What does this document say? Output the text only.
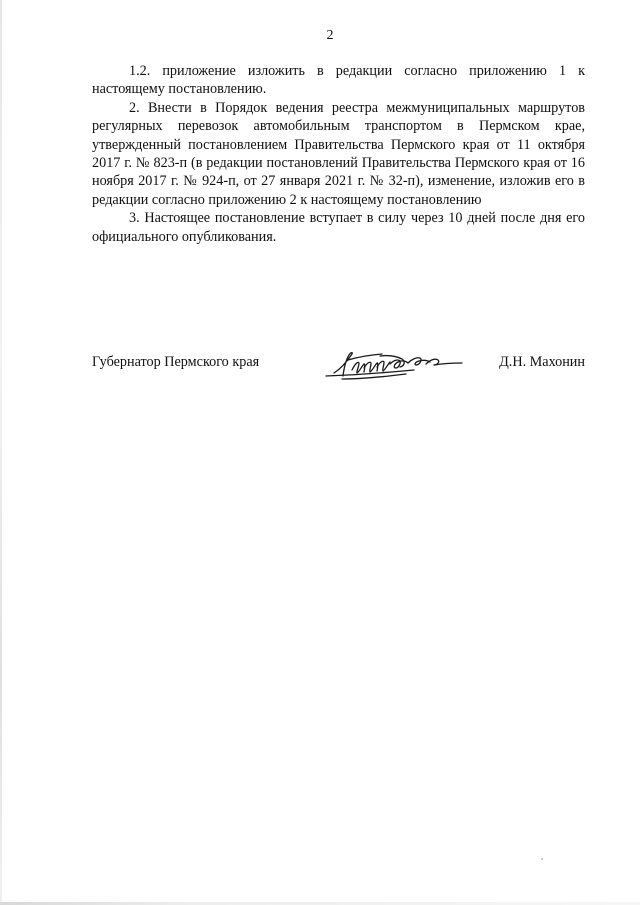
2

1.2. приложение изложить в редакции согласно приложению 1 к настоящему постановлению.

2. Внести в Порядок ведения реестра межмуниципальных маршрутов регулярных перевозок автомобильным транспортом в Пермском крае, утвержденный постановлением Правительства Пермского края от 11 октября 2017 г. № 823-п (в редакции постановлений Правительства Пермского края от 16 ноября 2017 г. № 924-п, от 27 января 2021 г. № 32-п), изменение, изложив его в редакции согласно приложению 2 к настоящему постановлению

3. Настоящее постановление вступает в силу через 10 дней после дня его официального опубликования.

Губернатор Пермского края	Д.Н. Махонин
